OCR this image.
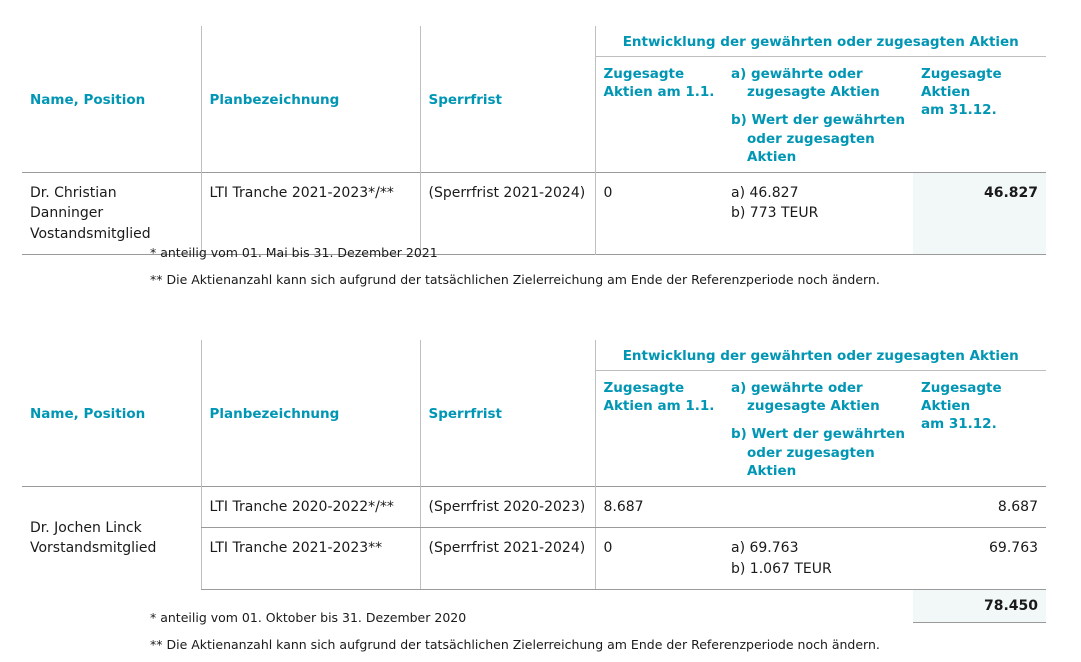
Name, Position	Planbezeichnung	Sperrfrist	Entwicklung der gewährten oder zugesagten Aktien		

			Zugesagte
Aktien am 1.1.	a) gewährte oder
zugesagte Aktien
b) Wert der gewährten
oder zugesagten Aktien	Zugesagte Aktien
am 31.12.

Dr. Christian Danninger
Vostandsmitglied	LTI Tranche 2021-2023*/**	(Sperrfrist 2021-2024)	0	a) 46.827
b) 773 TEUR	46.827
* anteilig vom 01. Mai bis 31. Dezember 2021
** Die Aktienanzahl kann sich aufgrund der tatsächlichen Zielerreichung am Ende der Referenzperiode noch ändern.
Name, Position	Planbezeichnung	Sperrfrist	Entwicklung der gewährten oder zugesagten Aktien		

			Zugesagte
Aktien am 1.1.	a) gewährte oder
zugesagte Aktien
b) Wert der gewährten
oder zugesagten Aktien	Zugesagte Aktien
am 31.12.

Dr. Jochen Linck
Vorstandsmitglied	LTI Tranche 2020-2022*/**	(Sperrfrist 2020-2023)	8.687		8.687
	LTI Tranche 2021-2023**	(Sperrfrist 2021-2024)	0	a) 69.763
b) 1.067 TEUR	69.763
					78.450
* anteilig vom 01. Oktober bis 31. Dezember 2020
** Die Aktienanzahl kann sich aufgrund der tatsächlichen Zielerreichung am Ende der Referenzperiode noch ändern.
